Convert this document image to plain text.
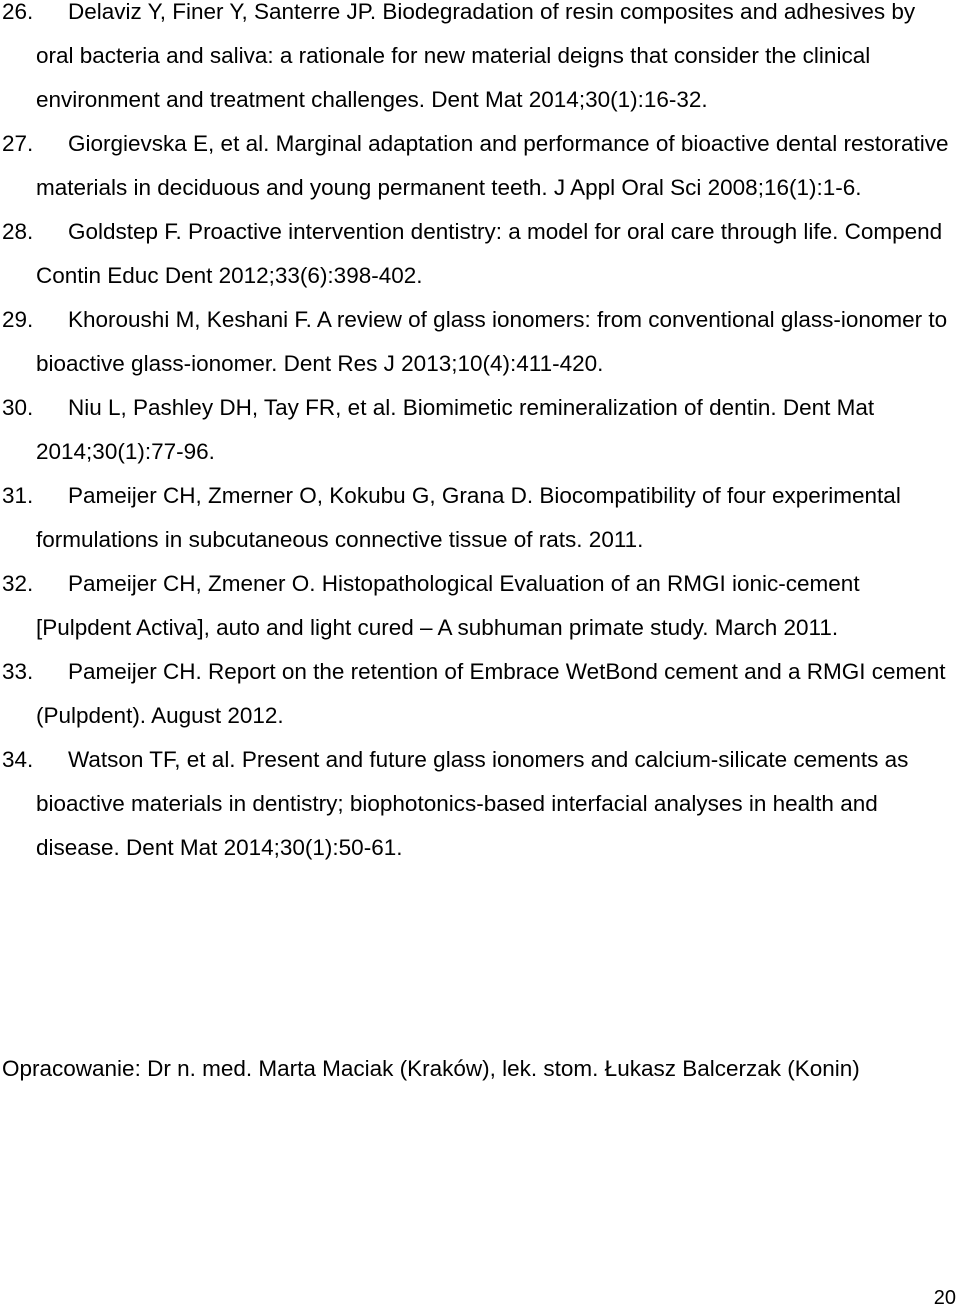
26.	Delaviz Y, Finer Y, Santerre JP. Biodegradation of resin composites and adhesives by oral bacteria and saliva: a rationale for new material deigns that consider the clinical environment and treatment challenges. Dent Mat 2014;30(1):16-32.
27.	Giorgievska E, et al. Marginal adaptation and performance of bioactive dental restorative materials in deciduous and young permanent teeth. J Appl Oral Sci 2008;16(1):1-6.
28.	Goldstep F. Proactive intervention dentistry: a model for oral care through life. Compend Contin Educ Dent 2012;33(6):398-402.
29.	Khoroushi M, Keshani F. A review of glass ionomers: from conventional glass-ionomer to bioactive glass-ionomer. Dent Res J 2013;10(4):411-420.
30.	Niu L, Pashley DH, Tay FR, et al. Biomimetic remineralization of dentin. Dent Mat 2014;30(1):77-96.
31.	Pameijer CH, Zmerner O, Kokubu G, Grana D. Biocompatibility of four experimental formulations in subcutaneous connective tissue of rats. 2011.
32.	Pameijer CH, Zmener O. Histopathological Evaluation of an RMGI ionic-cement [Pulpdent Activa], auto and light cured – A subhuman primate study. March 2011.
33.	Pameijer CH. Report on the retention of Embrace WetBond cement and a RMGI cement (Pulpdent). August 2012.
34.	Watson TF, et al. Present and future glass ionomers and calcium-silicate cements as bioactive materials in dentistry; biophotonics-based interfacial analyses in health and disease. Dent Mat 2014;30(1):50-61.

Opracowanie: Dr n. med. Marta Maciak (Kraków), lek. stom. Łukasz Balcerzak (Konin)

20
